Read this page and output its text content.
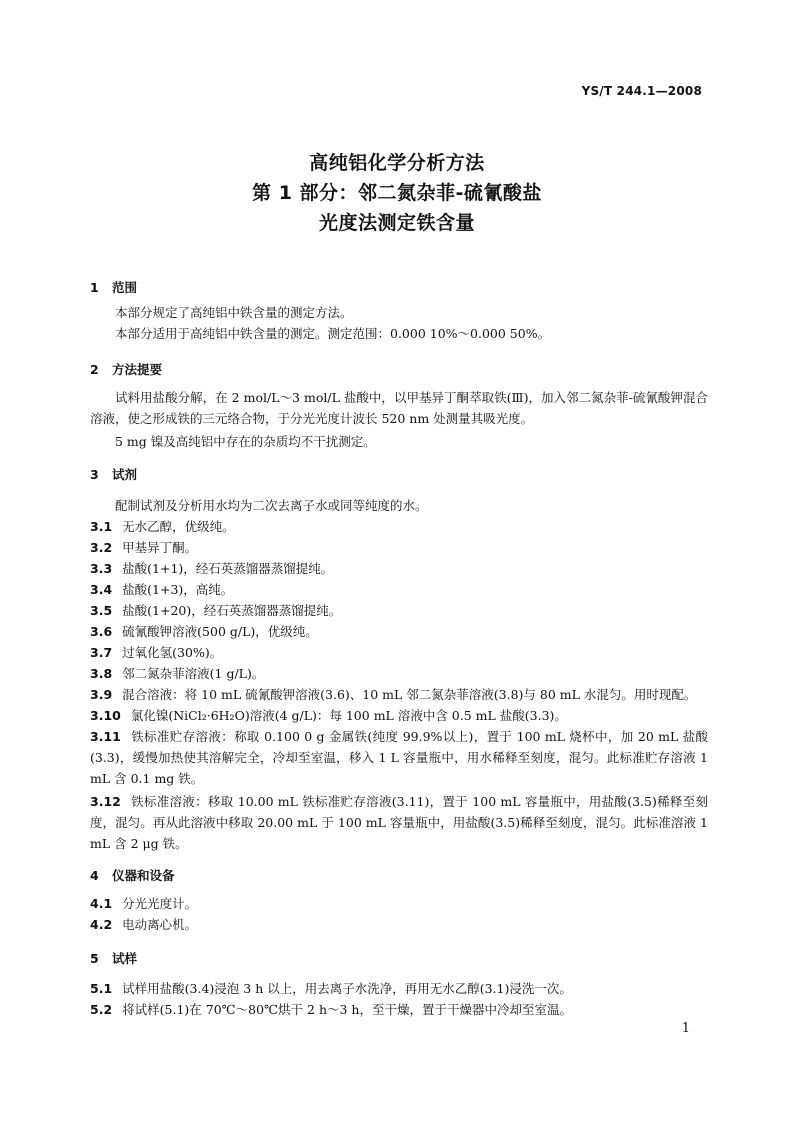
YS/T 244.1—2008
高纯铝化学分析方法
第 1 部分：邻二氮杂菲-硫氰酸盐
光度法测定铁含量
1 范围
本部分规定了高纯铝中铁含量的测定方法。
本部分适用于高纯铝中铁含量的测定。测定范围：0.000 10%～0.000 50%。
2 方法提要
试料用盐酸分解，在 2 mol/L～3 mol/L 盐酸中，以甲基异丁酮萃取铁(Ⅲ)，加入邻二氮杂菲-硫氰酸钾混合溶液，使之形成铁的三元络合物，于分光光度计波长 520 nm 处测量其吸光度。
5 mg 镍及高纯铝中存在的杂质均不干扰测定。
3 试剂
配制试剂及分析用水均为二次去离子水或同等纯度的水。
3.1 无水乙醇，优级纯。
3.2 甲基异丁酮。
3.3 盐酸(1+1)，经石英蒸馏器蒸馏提纯。
3.4 盐酸(1+3)，高纯。
3.5 盐酸(1+20)，经石英蒸馏器蒸馏提纯。
3.6 硫氰酸钾溶液(500 g/L)，优级纯。
3.7 过氧化氢(30%)。
3.8 邻二氮杂菲溶液(1 g/L)。
3.9 混合溶液：将 10 mL 硫氰酸钾溶液(3.6)、10 mL 邻二氮杂菲溶液(3.8)与 80 mL 水混匀。用时现配。
3.10 氯化镍(NiCl₂·6H₂O)溶液(4 g/L)：每 100 mL 溶液中含 0.5 mL 盐酸(3.3)。
3.11 铁标准贮存溶液：称取 0.100 0 g 金属铁(纯度 99.9%以上)，置于 100 mL 烧杯中，加 20 mL 盐酸(3.3)，缓慢加热使其溶解完全，冷却至室温，移入 1 L 容量瓶中，用水稀释至刻度，混匀。此标准贮存溶液 1 mL 含 0.1 mg 铁。
3.12 铁标准溶液：移取 10.00 mL 铁标准贮存溶液(3.11)，置于 100 mL 容量瓶中，用盐酸(3.5)稀释至刻度，混匀。再从此溶液中移取 20.00 mL 于 100 mL 容量瓶中，用盐酸(3.5)稀释至刻度，混匀。此标准溶液 1 mL 含 2 μg 铁。
4 仪器和设备
4.1 分光光度计。
4.2 电动离心机。
5 试样
5.1 试样用盐酸(3.4)浸泡 3 h 以上，用去离子水洗净，再用无水乙醇(3.1)浸洗一次。
5.2 将试样(5.1)在 70℃～80℃烘干 2 h～3 h，至干燥，置于干燥器中冷却至室温。
1
